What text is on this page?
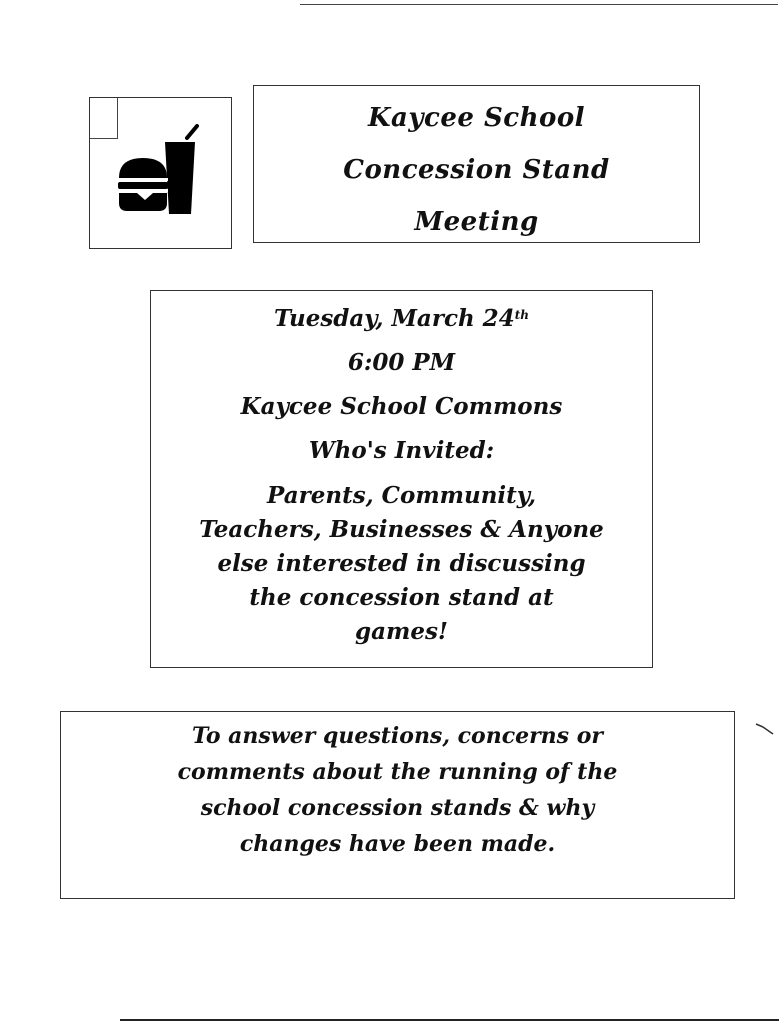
Kaycee School
Concession Stand
Meeting
Tuesday, March 24th
6:00 PM
Kaycee School Commons
Who's Invited:
Parents, Community,
Teachers, Businesses & Anyone
else interested in discussing
the concession stand at
games!
To answer questions, concerns or
comments about the running of the
school concession stands & why
changes have been made.
